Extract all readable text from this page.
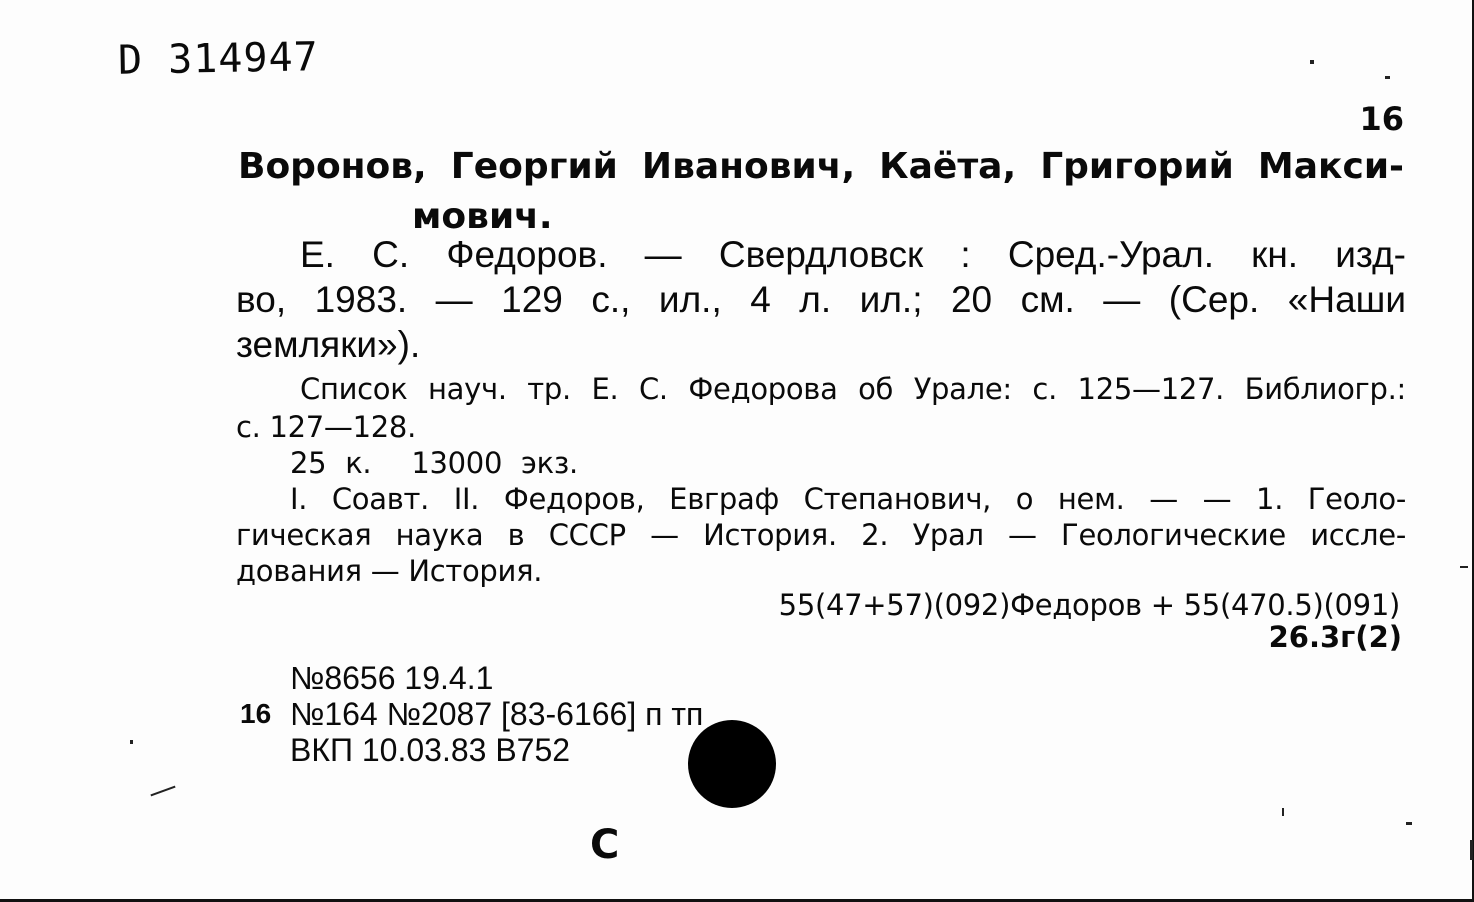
D 314947
16
Воронов, Георгий Иванович, Каёта, Григорий Макси-
мович.
Е. С. Федоров. — Свердловск : Сред.-Урал. кн. изд-
во, 1983. — 129 с., ил., 4 л. ил.; 20 см. — (Сер. «Наши
земляки»).
Список науч. тр. Е. С. Федорова об Урале: с. 125—127. Библиогр.:
с. 127—128.
25 к. 13000 экз.
I. Соавт. II. Федоров, Евграф Степанович, о нем. — — 1. Геоло-
гическая наука в СССР — История. 2. Урал — Геологические иссле-
дования — История.
55(47+57)(092)Федоров + 55(470.5)(091)
26.3г(2)
№8656 19.4.1
16 №164 №2087 [83-6166] п тп
ВКП 10.03.83 В752
С
